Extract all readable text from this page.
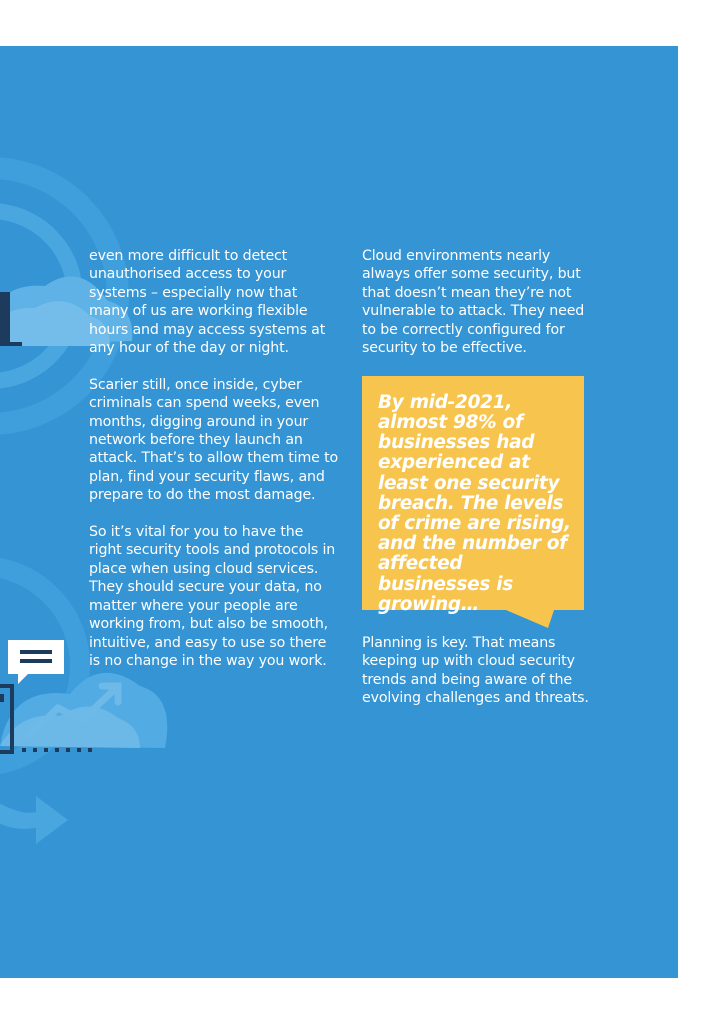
even more difficult to detect unauthorised access to your systems – especially now that many of us are working flexible hours and may access systems at any hour of the day or night.

Scarier still, once inside, cyber criminals can spend weeks, even months, digging around in your network before they launch an attack. That’s to allow them time to plan, find your security flaws, and prepare to do the most damage.

So it’s vital for you to have the right security tools and protocols in place when using cloud services. They should secure your data, no matter where your people are working from, but also be smooth, intuitive, and easy to use so there is no change in the way you work.

Cloud environments nearly always offer some security, but that doesn’t mean they’re not vulnerable to attack. They need to be correctly configured for security to be effective.

By mid-2021, almost 98% of businesses had experienced at least one security breach. The levels of crime are rising, and the number of affected businesses is growing…

Planning is key. That means keeping up with cloud security trends and being aware of the evolving challenges and threats.
